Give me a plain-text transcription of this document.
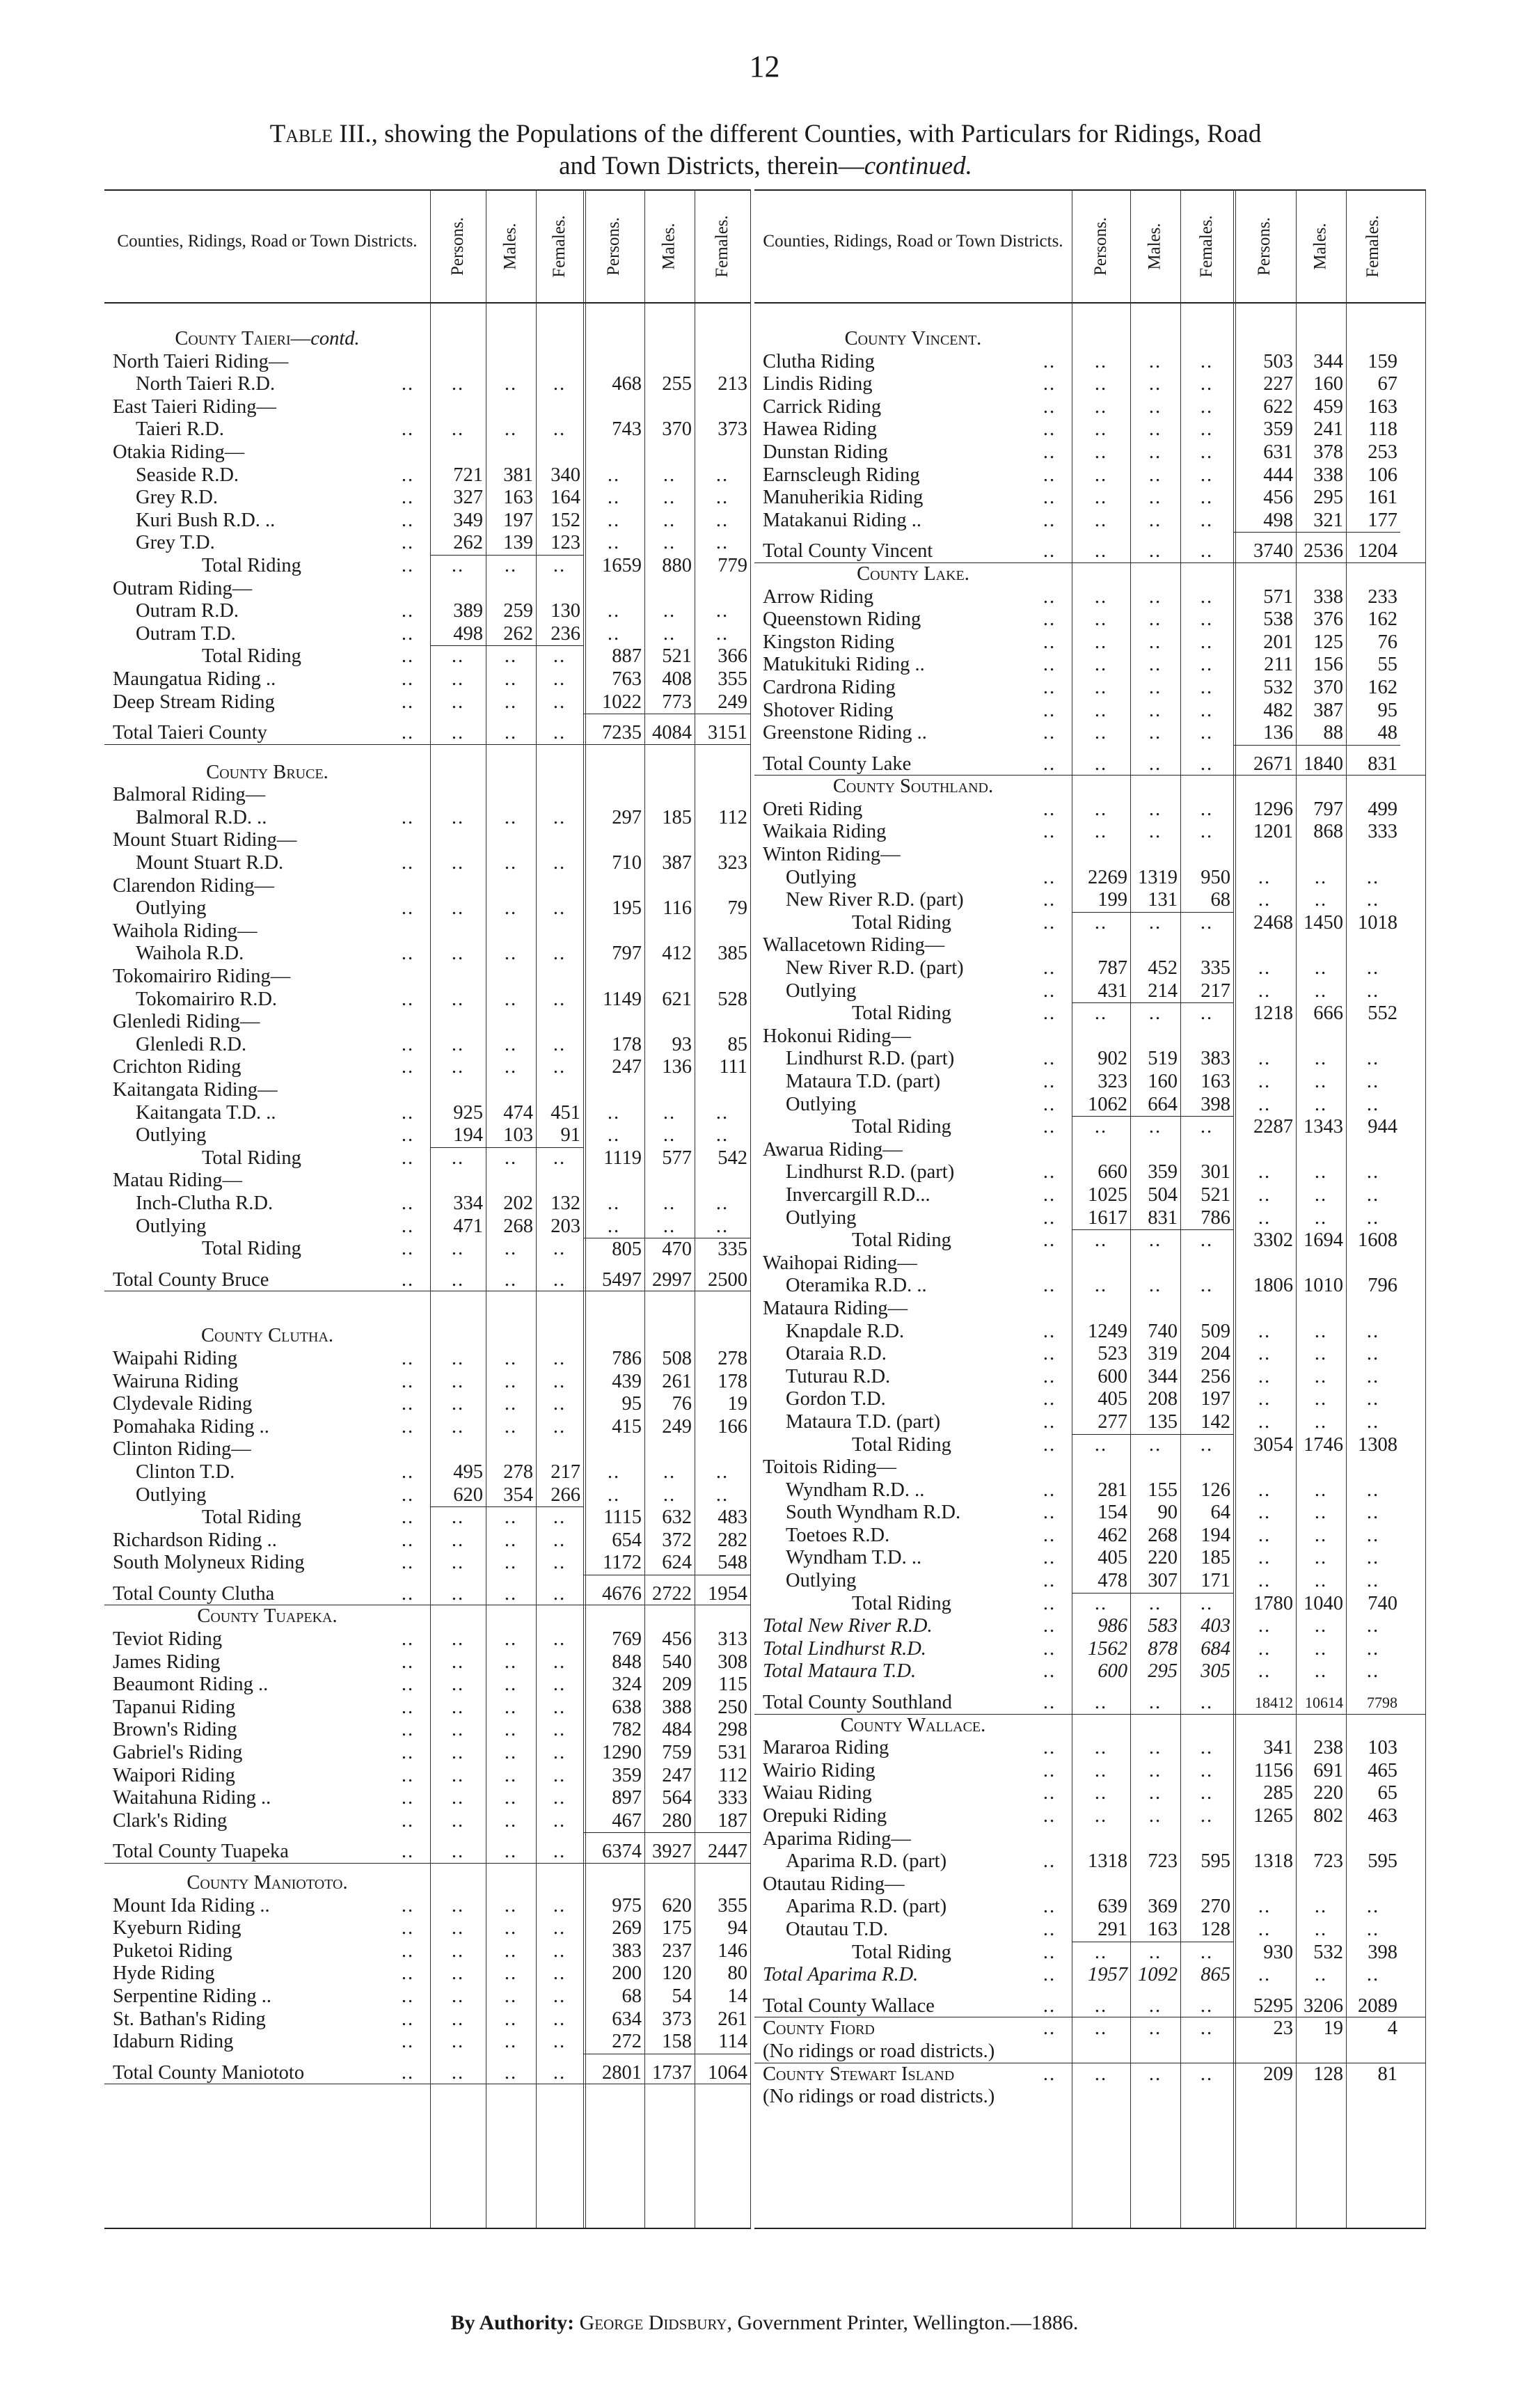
12
Table III., showing the Populations of the different Counties, with Particulars for Ridings, Road
and Town Districts, therein—continued.
Counties, Ridings, Road or Town Districts.	Persons. Males. Females. Persons. Males. Females.
County Taieri—contd.
North Taieri Riding—
North Taieri R.D.	..	..	..	..	468	255	213
East Taieri Riding—
Taieri R.D.	..	..	..	..	743	370	373
Otakia Riding—
Seaside R.D.	..	721	381 340	..	..	..
Grey R.D.	..	327	163 164	..	..	..
Kuri Bush R.D. ..	..	349	197 152	..	..	..
Grey T.D.	..	262	139 123	..	..	..
Total Riding	..	..	..	..	1659	880	779
Outram Riding—
Outram R.D.	..	389	259 130	..	..	..
Outram T.D.	..	498	262 236	..	..	..
Total Riding	..	..	..	..	887	521	366
Maungatua Riding ..	..	..	..	..	763	408	355
Deep Stream Riding	..	..	..	..	1022	773	249
Total Taieri County	..	..	..	..	7235 4084 3151
County Bruce.
Balmoral Riding—
Balmoral R.D. ..	..	..	..	..	297	185	112
Mount Stuart Riding—
Mount Stuart R.D.	..	..	..	..	710	387	323
Clarendon Riding—
Outlying	..	..	..	..	195	116	79
Waihola Riding—
Waihola R.D.	..	..	..	..	797	412	385
Tokomairiro Riding—
Tokomairiro R.D.	..	..	..	..	1149	621	528
Glenledi Riding—
Glenledi R.D.	..	..	..	..	178	93	85
Crichton Riding	..	..	..	..	247	136	111
Kaitangata Riding—
Kaitangata T.D. ..	..	925	474 451	..	..	..
Outlying	..	194	103	91	..	..	..
Total Riding	..	..	..	..	1119	577	542
Matau Riding—
Inch-Clutha R.D.	..	334	202 132	..	..	..
Outlying	..	471	268 203	..	..	..
Total Riding	..	..	..	..	805	470	335
Total County Bruce	..	..	..	..	5497 2997 2500
County Clutha.
Waipahi Riding	..	..	..	..	786	508	278
Wairuna Riding	..	..	..	..	439	261	178
Clydevale Riding	..	..	..	..	95	76	19
Pomahaka Riding ..	..	..	..	..	415	249	166
Clinton Riding—
Clinton T.D.	..	495	278 217	..	..	..
Outlying	..	620	354 266	..	..	..
Total Riding	..	..	..	..	1115	632	483
Richardson Riding ..	..	..	..	..	654	372	282
South Molyneux Riding	..	..	..	..	1172	624	548
Total County Clutha	..	..	..	..	4676 2722 1954
County Tuapeka.
Teviot Riding	..	..	..	..	769	456	313
James Riding	..	..	..	..	848	540	308
Beaumont Riding ..	..	..	..	..	324	209	115
Tapanui Riding	..	..	..	..	638	388	250
Brown's Riding	..	..	..	..	782	484	298
Gabriel's Riding	..	..	..	..	1290	759	531
Waipori Riding	..	..	..	..	359	247	112
Waitahuna Riding ..	..	..	..	..	897	564	333
Clark's Riding	..	..	..	..	467	280	187
Total County Tuapeka	..	..	..	..	6374 3927 2447
County Maniototo.
Mount Ida Riding ..	..	..	..	..	975	620	355
Kyeburn Riding	..	..	..	..	269	175	94
Puketoi Riding	..	..	..	..	383	237	146
Hyde Riding	..	..	..	..	200	120	80
Serpentine Riding ..	..	..	..	..	68	54	14
St. Bathan's Riding	..	..	..	..	634	373	261
Idaburn Riding	..	..	..	..	272	158	114
Total County Maniototo	..	..	..	..	2801 1737 1064
Counties, Ridings, Road or Town Districts.	Persons. Males. Females. Persons. Males. Females.
County Vincent.
Clutha Riding	..	..	..	..	503	344	159
Lindis Riding	..	..	..	..	227	160	67
Carrick Riding	..	..	..	..	622	459	163
Hawea Riding	..	..	..	..	359	241	118
Dunstan Riding	..	..	..	..	631	378	253
Earnscleugh Riding	..	..	..	..	444	338	106
Manuherikia Riding	..	..	..	..	456	295	161
Matakanui Riding ..	..	..	..	..	498	321	177
Total County Vincent	..	..	..	..	3740 2536 1204
County Lake.
Arrow Riding	..	..	..	..	571	338	233
Queenstown Riding	..	..	..	..	538	376	162
Kingston Riding	..	..	..	..	201	125	76
Matukituki Riding ..	..	..	..	..	211	156	55
Cardrona Riding	..	..	..	..	532	370	162
Shotover Riding	..	..	..	..	482	387	95
Greenstone Riding ..	..	..	..	..	136	88	48
Total County Lake	..	..	..	..	2671 1840	831
County Southland.
Oreti Riding	..	..	..	..	1296	797	499
Waikaia Riding	..	..	..	..	1201	868	333
Winton Riding—
Outlying	..	2269 1319	950	..	..	..
New River R.D. (part)	..	199	131	68	..	..	..
Total Riding	..	..	..	..	2468 1450 1018
Wallacetown Riding—
New River R.D. (part)	..	787	452	335	..	..	..
Outlying	..	431	214	217	..	..	..
Total Riding	..	..	..	..	1218	666	552
Hokonui Riding—
Lindhurst R.D. (part)	..	902	519	383	..	..	..
Mataura T.D. (part)	..	323	160	163	..	..	..
Outlying	..	1062	664	398	..	..	..
Total Riding	..	..	..	..	2287 1343	944
Awarua Riding—
Lindhurst R.D. (part)	..	660	359	301	..	..	..
Invercargill R.D...	..	1025	504	521	..	..	..
Outlying	..	1617	831	786	..	..	..
Total Riding	..	..	..	..	3302 1694 1608
Waihopai Riding—
Oteramika R.D. ..	..	..	..	..	1806 1010	796
Mataura Riding—
Knapdale R.D.	..	1249	740	509	..	..	..
Otaraia R.D.	..	523	319	204	..	..	..
Tuturau R.D.	..	600	344	256	..	..	..
Gordon T.D.	..	405	208	197	..	..	..
Mataura T.D. (part)	..	277	135	142	..	..	..
Total Riding	..	..	..	..	3054 1746 1308
Toitois Riding—
Wyndham R.D. ..	..	281	155	126	..	..	..
South Wyndham R.D.	..	154	90	64	..	..	..
Toetoes R.D.	..	462	268	194	..	..	..
Wyndham T.D. ..	..	405	220	185	..	..	..
Outlying	..	478	307	171	..	..	..
Total Riding	..	..	..	..	1780 1040	740
Total New River R.D.	..	986	583	403	..	..	..
Total Lindhurst R.D.	..	1562	878	684	..	..	..
Total Mataura T.D.	..	600	295	305	..	..	..
Total County Southland	..	..	..	..	18412 10614	7798
County Wallace.
Mararoa Riding	..	..	..	..	341	238	103
Wairio Riding	..	..	..	..	1156	691	465
Waiau Riding	..	..	..	..	285	220	65
Orepuki Riding	..	..	..	..	1265	802	463
Aparima Riding—
Aparima R.D. (part)	..	1318	723	595	1318	723	595
Otautau Riding—
Aparima R.D. (part)	..	639	369	270	..	..	..
Otautau T.D.	..	291	163	128	..	..	..
Total Riding	..	..	..	..	930	532	398
Total Aparima R.D.	..	1957 1092	865	..	..	..
Total County Wallace	..	..	..	..	5295 3206 2089
County Fiord	..	..	..	..	23	19	4
(No ridings or road districts.)
County Stewart Island	..	..	..	..	209	128	81
(No ridings or road districts.)
By Authority: George Didsbury, Government Printer, Wellington.—1886.
